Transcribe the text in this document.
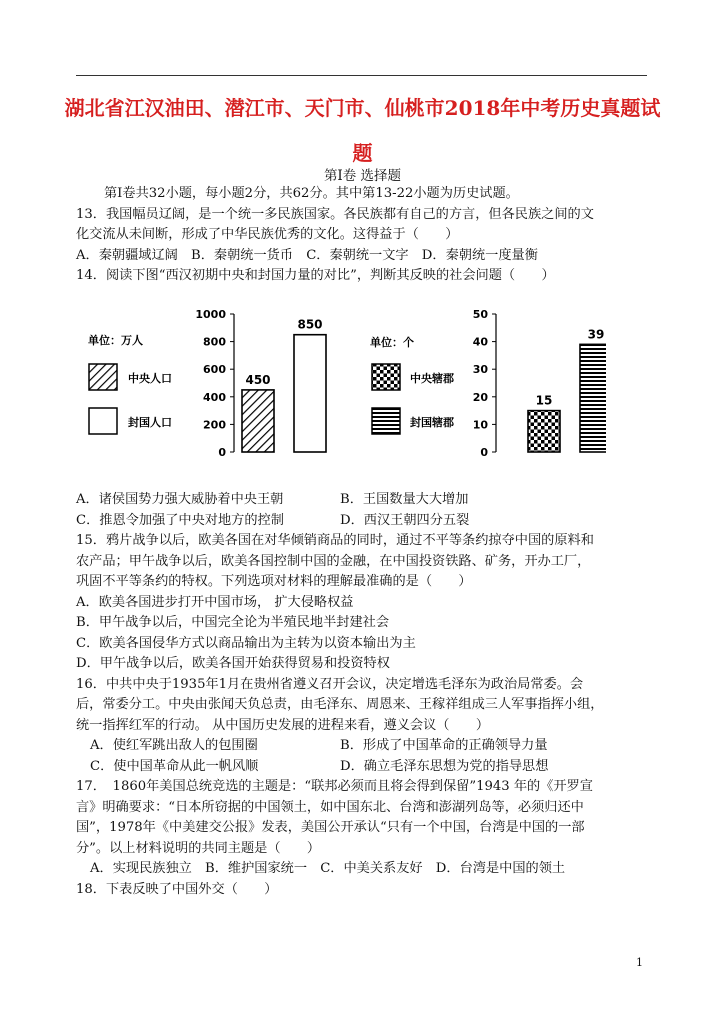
湖北省江汉油田、潜江市、天门市、仙桃市2018年中考历史真题试题
第Ⅰ卷 选择题

第Ⅰ卷共32小题，每小题2分，共62分。其中第13-22小题为历史试题。

13．我国幅员辽阔，是一个统一多民族国家。各民族都有自己的方言，但各民族之间的文

化交流从未间断，形成了中华民族优秀的文化。这得益于（　　）

A．秦朝疆域辽阔　B．秦朝统一货币　C．秦朝统一文字　D．秦朝统一度量衡

14．阅读下图“西汉初期中央和封国力量的对比”，判断其反映的社会问题（　　）

单位：万人
中央人口
封国人口
0
200
400
600
800
1000
450
850
单位：个
中央辖郡
封国辖郡
0
10
20
30
40
50
15
39
A．诸侯国势力强大威胁着中央王朝	B．王国数量大大增加
C．推恩令加强了中央对地方的控制	D．西汉王朝四分五裂

15．鸦片战争以后，欧美各国在对华倾销商品的同时，通过不平等条约掠夺中国的原料和

农产品；甲午战争以后，欧美各国控制中国的金融，在中国投资铁路、矿务，开办工厂，

巩固不平等条约的特权。下列选项对材料的理解最准确的是（　　）

A．欧美各国进步打开中国市场， 扩大侵略权益

B．甲午战争以后，中国完全论为半殖民地半封建社会

C．欧美各国侵华方式以商品输出为主转为以资本输出为主

D．甲午战争以后，欧美各国开始获得贸易和投资特权

16．中共中央于1935年1月在贵州省遵义召开会议，决定增选毛泽东为政治局常委。会

后，常委分工。中央由张闻天负总责，由毛泽东、周恩来、王稼祥组成三人军事指挥小组，

统一指挥红军的行动。 从中国历史发展的进程来看，遵义会议（　　）

A．使红军跳出敌人的包围圈	B．形成了中国革命的正确领导力量
C．使中国革命从此一帆风顺	D．确立毛泽东思想为党的指导思想

17．　1860年美国总统竞选的主题是：“联邦必须而且将会得到保留”1943 年的《开罗宣

言》明确要求：“日本所窃据的中国领土，如中国东北、台湾和澎湖列岛等，必须归还中

国”，1978年《中美建交公报》发表，美国公开承认“只有一个中国，台湾是中国的一部

分”。以上材料说明的共同主题是（　　）

A．实现民族独立　B．维护国家统一　C．中美关系友好　D．台湾是中国的领土

18．下表反映了中国外交（　　）

1
